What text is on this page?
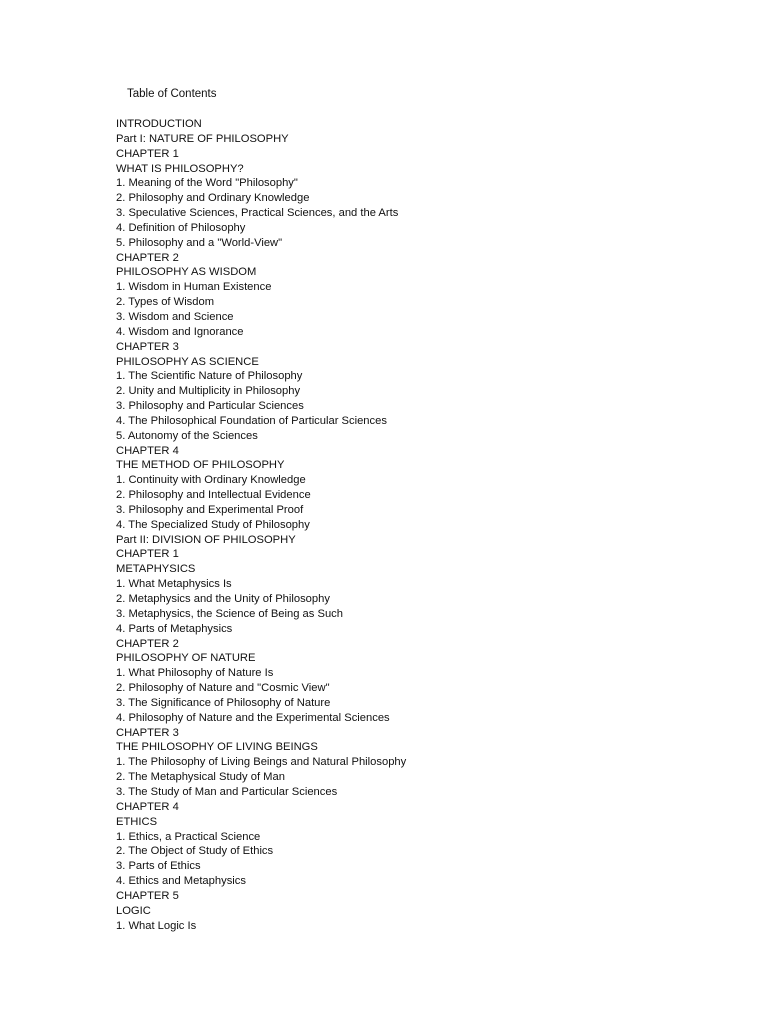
Table of Contents
INTRODUCTION
Part I: NATURE OF PHILOSOPHY
CHAPTER 1
WHAT IS PHILOSOPHY?
1. Meaning of the Word "Philosophy"
2. Philosophy and Ordinary Knowledge
3. Speculative Sciences, Practical Sciences, and the Arts
4. Definition of Philosophy
5. Philosophy and a "World-View"
CHAPTER 2
PHILOSOPHY AS WISDOM
1. Wisdom in Human Existence
2. Types of Wisdom
3. Wisdom and Science
4. Wisdom and Ignorance
CHAPTER 3
PHILOSOPHY AS SCIENCE
1. The Scientific Nature of Philosophy
2. Unity and Multiplicity in Philosophy
3. Philosophy and Particular Sciences
4. The Philosophical Foundation of Particular Sciences
5. Autonomy of the Sciences
CHAPTER 4
THE METHOD OF PHILOSOPHY
1. Continuity with Ordinary Knowledge
2. Philosophy and Intellectual Evidence
3. Philosophy and Experimental Proof
4. The Specialized Study of Philosophy
Part II: DIVISION OF PHILOSOPHY
CHAPTER 1
METAPHYSICS
1. What Metaphysics Is
2. Metaphysics and the Unity of Philosophy
3. Metaphysics, the Science of Being as Such
4. Parts of Metaphysics
CHAPTER 2
PHILOSOPHY OF NATURE
1. What Philosophy of Nature Is
2. Philosophy of Nature and "Cosmic View"
3. The Significance of Philosophy of Nature
4. Philosophy of Nature and the Experimental Sciences
CHAPTER 3
THE PHILOSOPHY OF LIVING BEINGS
1. The Philosophy of Living Beings and Natural Philosophy
2. The Metaphysical Study of Man
3. The Study of Man and Particular Sciences
CHAPTER 4
ETHICS
1. Ethics, a Practical Science
2. The Object of Study of Ethics
3. Parts of Ethics
4. Ethics and Metaphysics
CHAPTER 5
LOGIC
1. What Logic Is
